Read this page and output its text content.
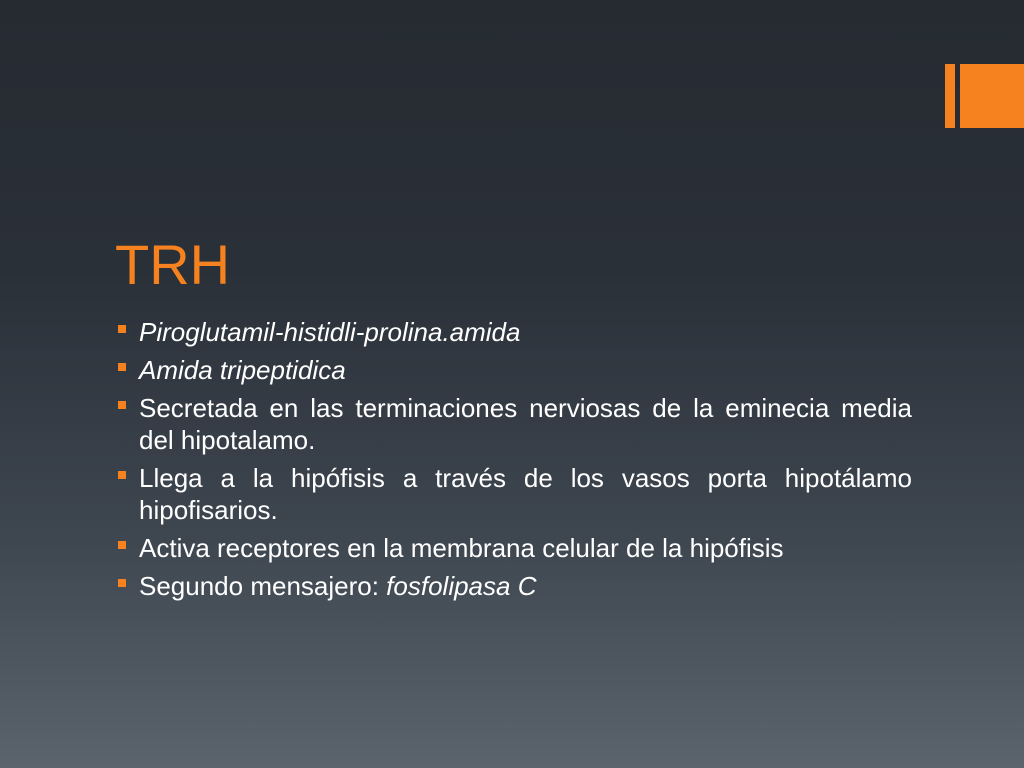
TRH
Piroglutamil-histidli-prolina.amida
Amida tripeptidica
Secretada en las terminaciones nerviosas de la eminecia media del hipotalamo.
Llega a la hipófisis a través de los vasos porta hipotálamo hipofisarios.
Activa receptores en la membrana celular de la hipófisis
Segundo mensajero: fosfolipasa C
